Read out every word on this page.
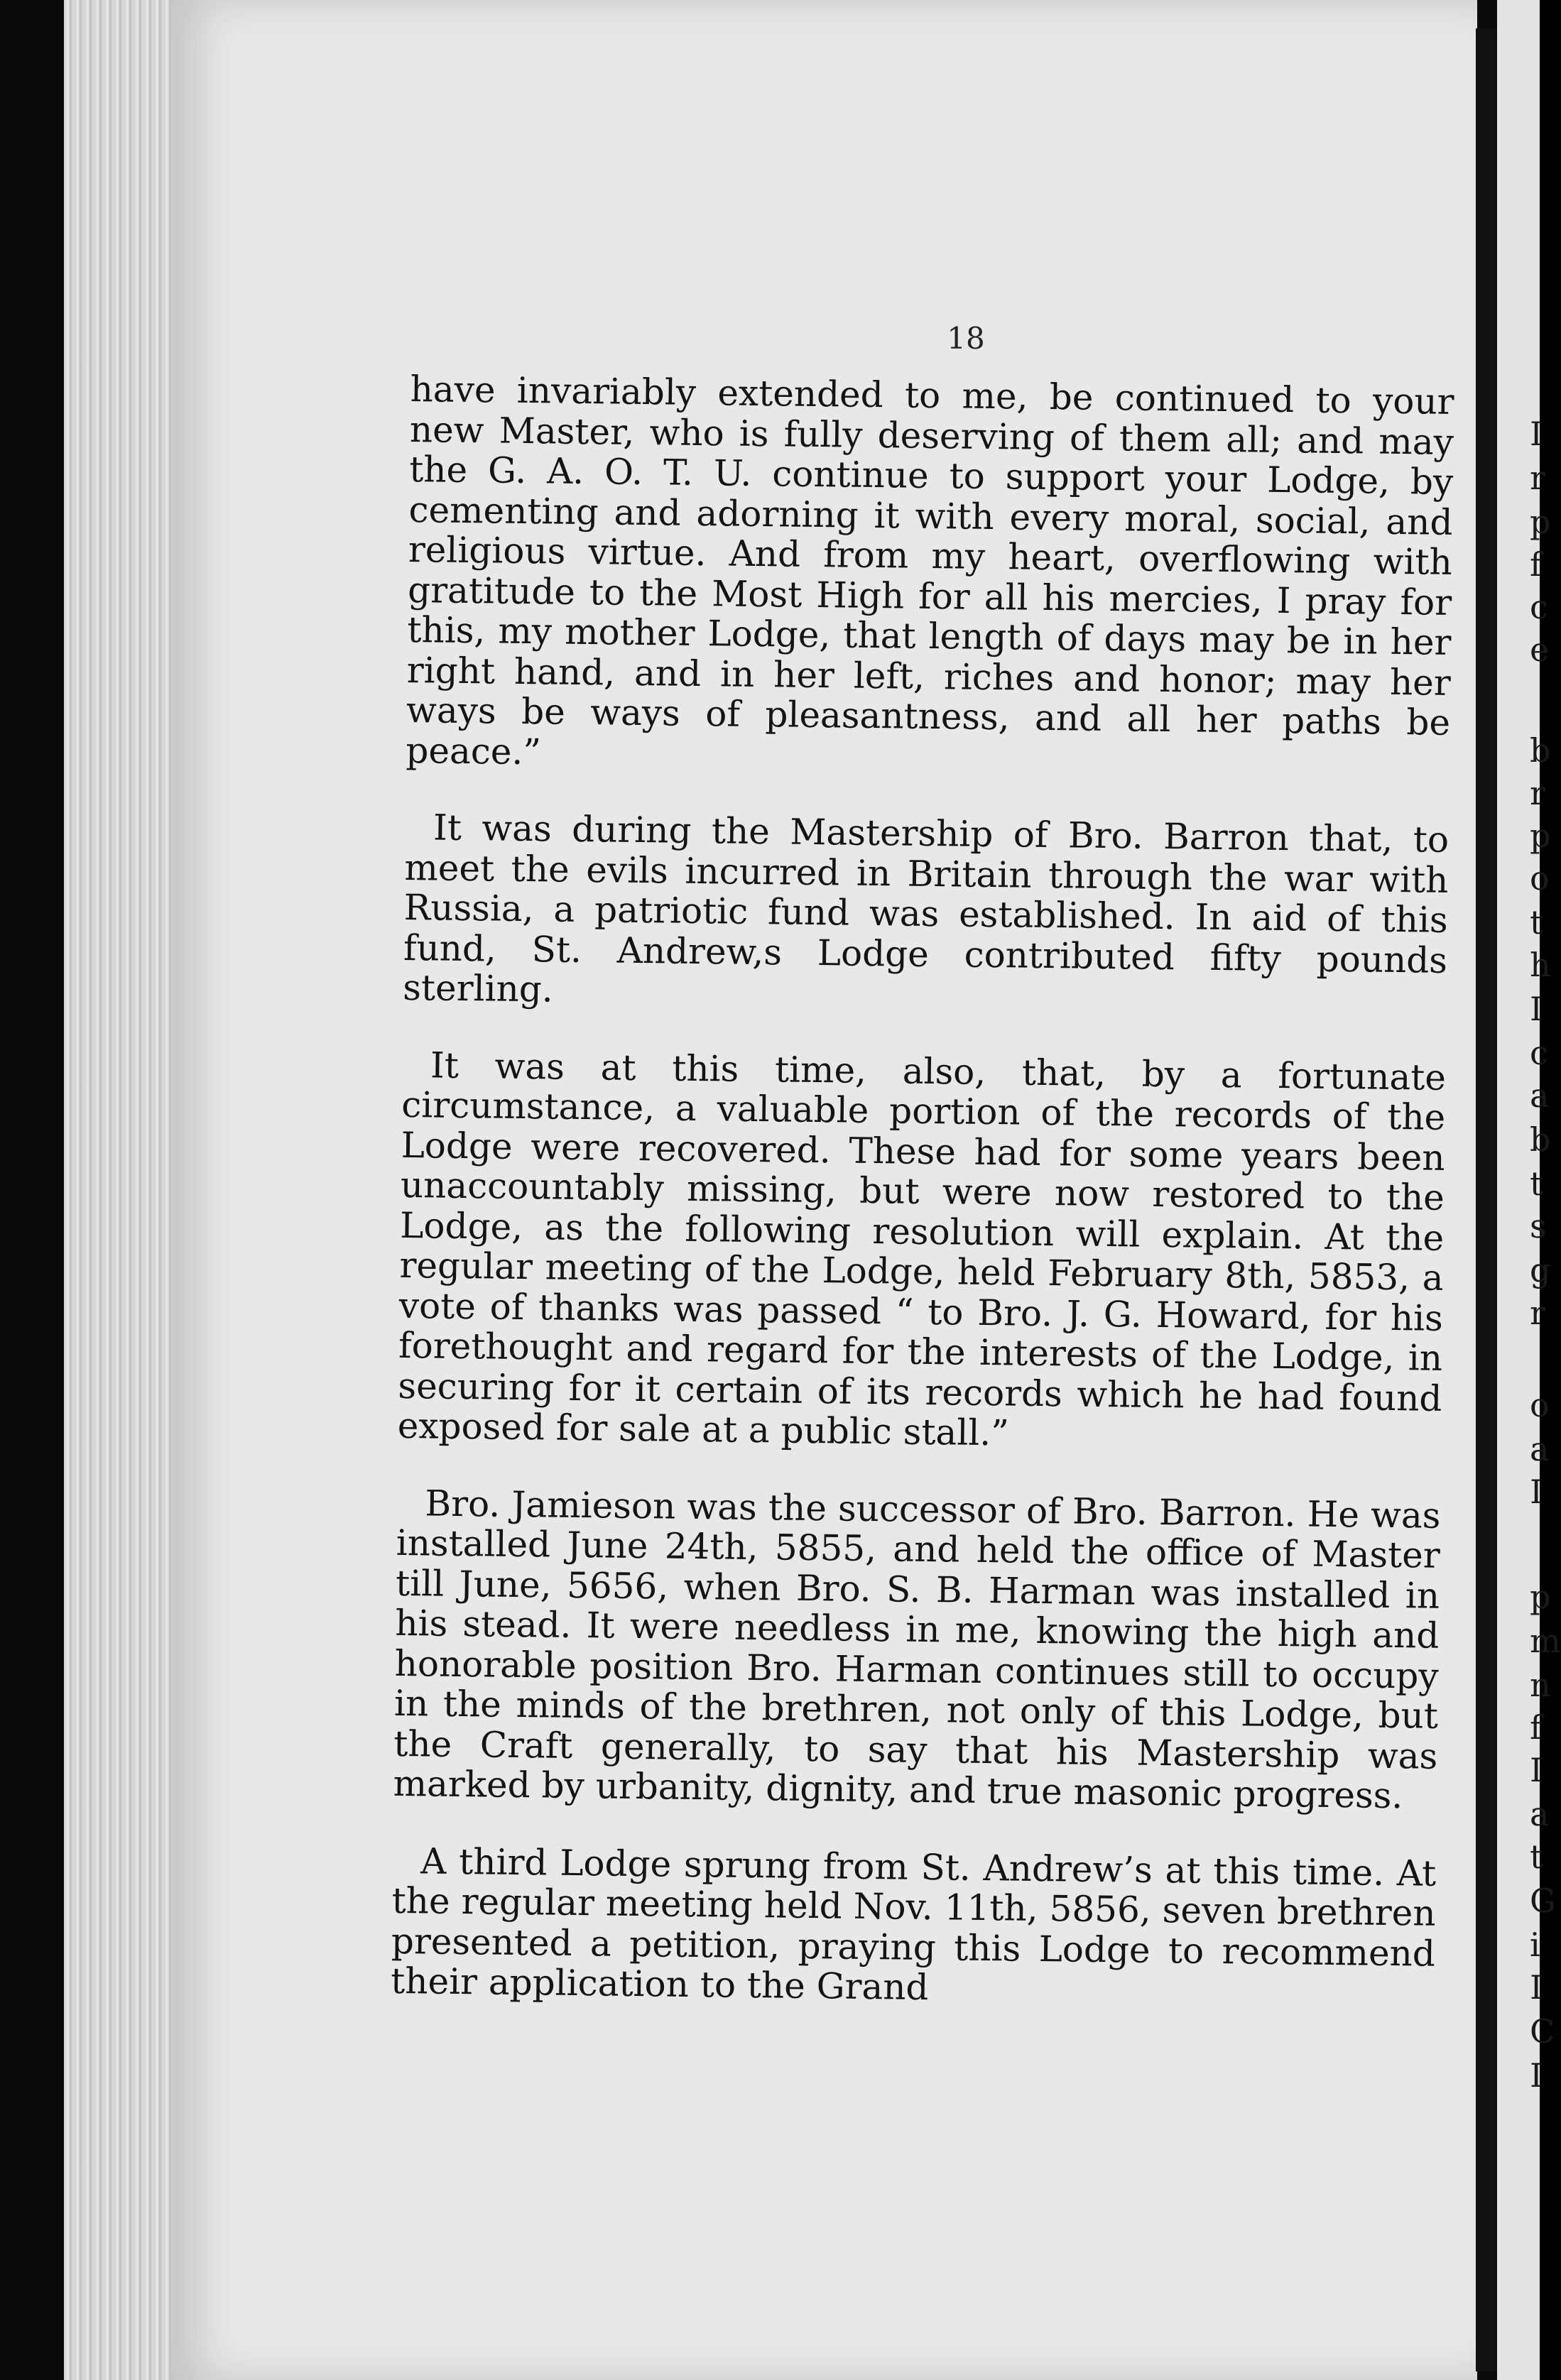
I
r
p
f
c
e
b
r
p
o
t
h
I
c
a
b
t
s
g
r
o
a
I
p
m
n
f
I
a
t
G
i
I
C
I
18

have invariably extended to me, be continued to your new Master, who is fully deserving of them all; and may the G. A. O. T. U. continue to support your Lodge, by cementing and adorning it with every moral, social, and religious virtue. And from my heart, overflowing with gratitude to the Most High for all his mercies, I pray for this, my mother Lodge, that length of days may be in her right hand, and in her left, riches and honor; may her ways be ways of pleasantness, and all her paths be peace.”

It was during the Mastership of Bro. Barron that, to meet the evils incurred in Britain through the war with Russia, a patriotic fund was established. In aid of this fund, St. Andrew,s Lodge contributed fifty pounds sterling.

It was at this time, also, that, by a fortunate circumstance, a valuable portion of the records of the Lodge were recovered. These had for some years been unaccountably missing, but were now restored to the Lodge, as the following resolution will explain. At the regular meeting of the Lodge, held February 8th, 5853, a vote of thanks was passed “ to Bro. J. G. Howard, for his forethought and regard for the interests of the Lodge, in securing for it certain of its records which he had found exposed for sale at a public stall.”

Bro. Jamieson was the successor of Bro. Barron. He was installed June 24th, 5855, and held the office of Master till June, 5656, when Bro. S. B. Harman was installed in his stead. It were needless in me, knowing the high and honorable position Bro. Harman continues still to occupy in the minds of the brethren, not only of this Lodge, but the Craft generally, to say that his Mastership was marked by urbanity, dignity, and true masonic progress.

A third Lodge sprung from St. Andrew’s at this time. At the regular meeting held Nov. 11th, 5856, seven brethren presented a petition, praying this Lodge to recommend their application to the Grand
